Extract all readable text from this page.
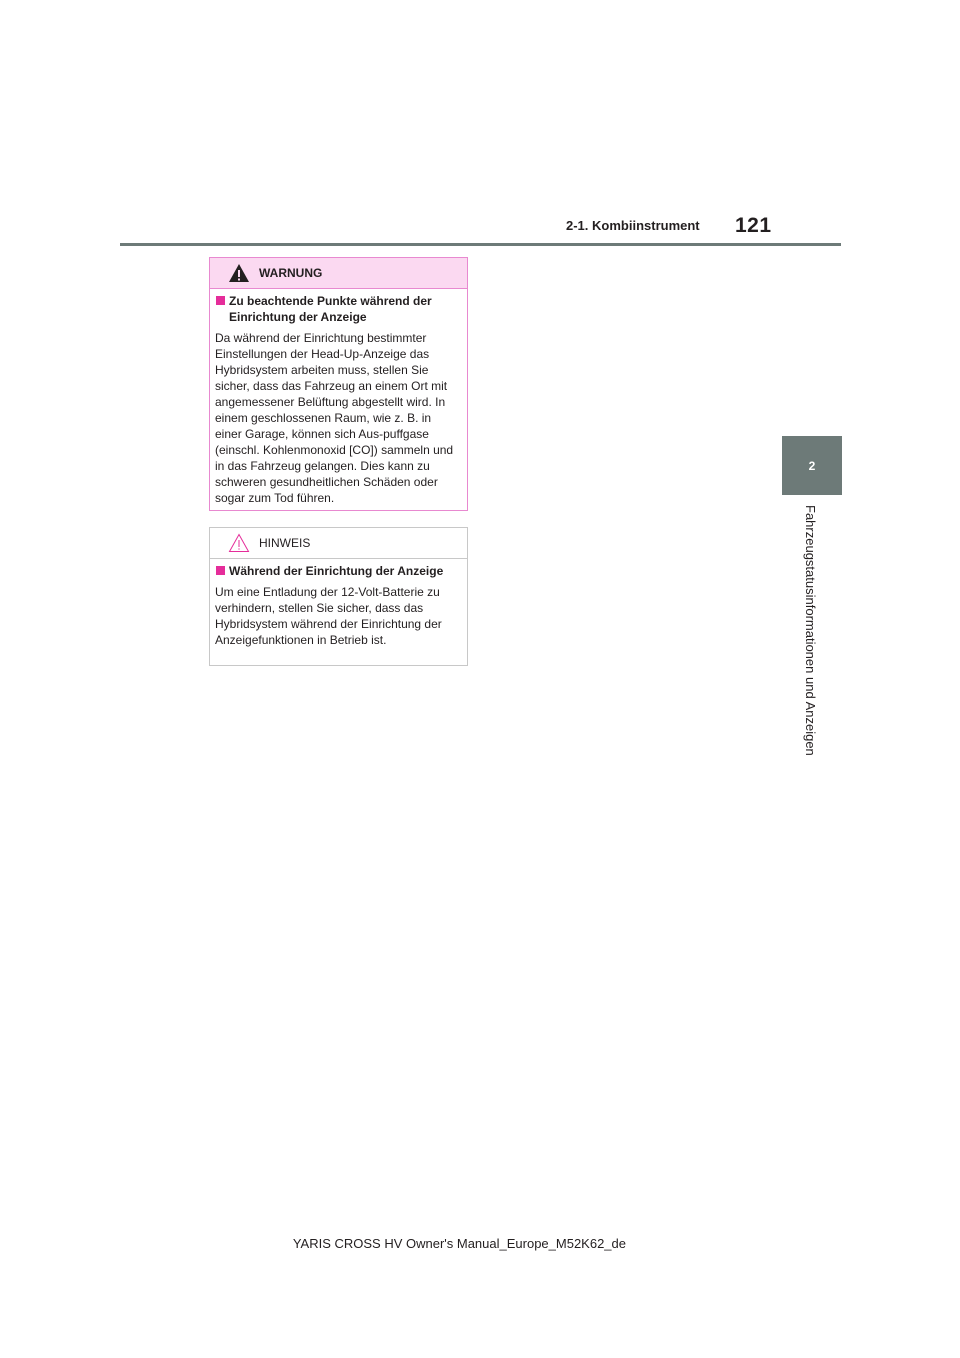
2-1. Kombiinstrument 121
2
Fahrzeugstatusinformationen und Anzeigen
WARNUNG
Zu beachtende Punkte während der Einrichtung der Anzeige
Da während der Einrichtung bestimmter Einstellungen der Head-Up-Anzeige das Hybridsystem arbeiten muss, stellen Sie sicher, dass das Fahrzeug an einem Ort mit angemessener Belüftung abgestellt wird. In einem geschlossenen Raum, wie z. B. in einer Garage, können sich Aus-puffgase (einschl. Kohlenmonoxid [CO]) sammeln und in das Fahrzeug gelangen. Dies kann zu schweren gesundheitlichen Schäden oder sogar zum Tod führen.
HINWEIS
Während der Einrichtung der Anzeige
Um eine Entladung der 12-Volt-Batterie zu verhindern, stellen Sie sicher, dass das Hybridsystem während der Einrichtung der Anzeigefunktionen in Betrieb ist.
YARIS CROSS HV Owner's Manual_Europe_M52K62_de
